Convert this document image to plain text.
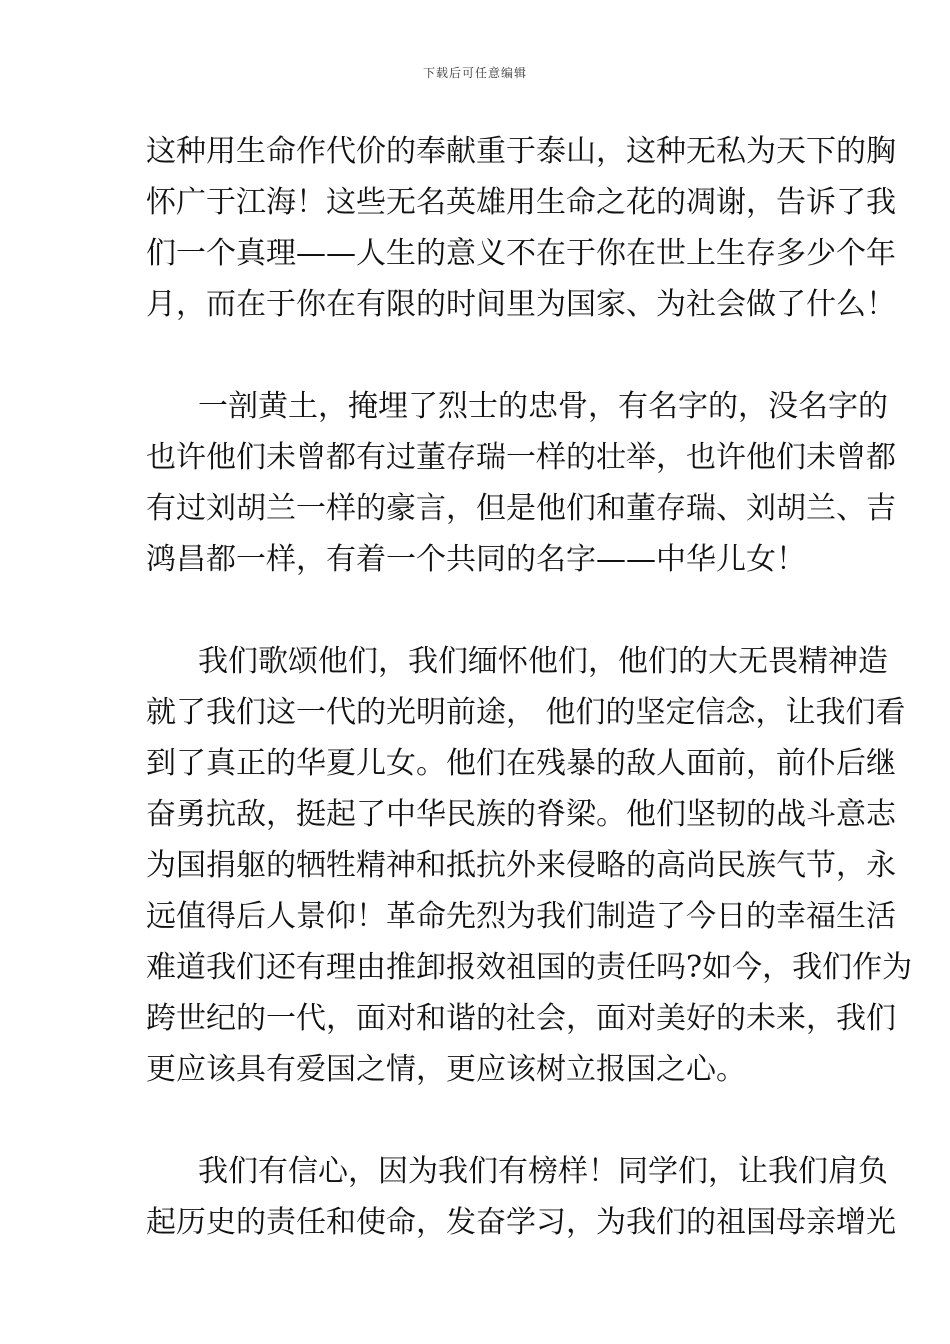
下载后可任意编辑
这种用生命作代价的奉献重于泰山，这种无私为天下的胸
怀广于江海！这些无名英雄用生命之花的凋谢，告诉了我
们一个真理——人生的意义不在于你在世上生存多少个年
月，而在于你在有限的时间里为国家、为社会做了什么！
一剖黄土，掩埋了烈士的忠骨，有名字的，没名字的
也许他们未曾都有过董存瑞一样的壮举，也许他们未曾都
有过刘胡兰一样的豪言，但是他们和董存瑞、刘胡兰、吉
鸿昌都一样，有着一个共同的名字——中华儿女！
我们歌颂他们，我们缅怀他们，他们的大无畏精神造
就了我们这一代的光明前途， 他们的坚定信念，让我们看
到了真正的华夏儿女。他们在残暴的敌人面前，前仆后继
奋勇抗敌，挺起了中华民族的脊梁。他们坚韧的战斗意志
为国捐躯的牺牲精神和抵抗外来侵略的高尚民族气节，永
远值得后人景仰！革命先烈为我们制造了今日的幸福生活
难道我们还有理由推卸报效祖国的责任吗?如今，我们作为
跨世纪的一代，面对和谐的社会，面对美好的未来，我们
更应该具有爱国之情，更应该树立报国之心。
我们有信心，因为我们有榜样！同学们，让我们肩负
起历史的责任和使命，发奋学习，为我们的祖国母亲增光
